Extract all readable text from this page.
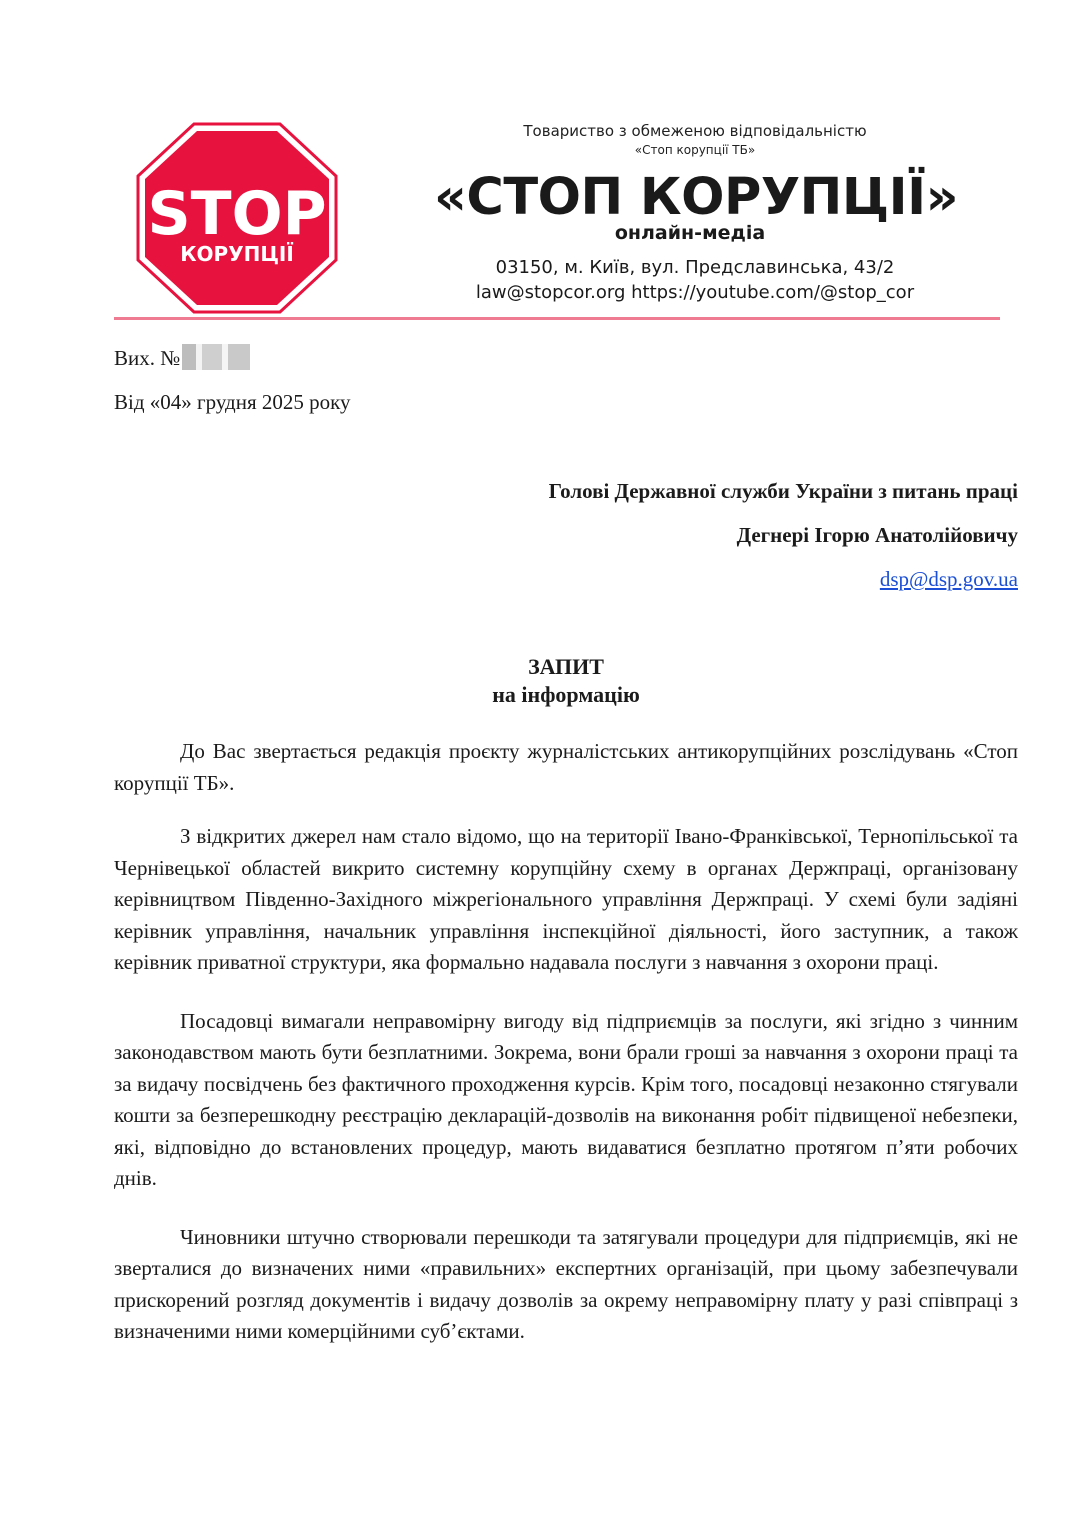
STOP
КОРУПЦІЇ
Товариство з обмеженою відповідальністю
«Стоп корупції ТБ»
«СТОП КОРУПЦІЇ»
онлайн-медіа
03150, м. Київ, вул. Предславинська, 43/2
law@stopcor.org https://youtube.com/@stop_cor
Вих. №
Від «04» грудня 2025 року
Голові Державної служби України з питань праці
Дегнері Ігорю Анатолійовичу
dsp@dsp.gov.ua
ЗАПИТ
на інформацію

До Вас звертається редакція проєкту журналістських антикорупційних розслідувань «Стоп корупції ТБ».

З відкритих джерел нам стало відомо, що на території Івано-Франківської, Тернопільської та Чернівецької областей викрито системну корупційну схему в органах Держпраці, організовану керівництвом Південно-Західного міжрегіонального управління Держпраці. У схемі були задіяні керівник управління, начальник управління інспекційної діяльності, його заступник, а також керівник приватної структури, яка формально надавала послуги з навчання з охорони праці.

Посадовці вимагали неправомірну вигоду від підприємців за послуги, які згідно з чинним законодавством мають бути безплатними. Зокрема, вони брали гроші за навчання з охорони праці та за видачу посвідчень без фактичного проходження курсів. Крім того, посадовці незаконно стягували кошти за безперешкодну реєстрацію декларацій-дозволів на виконання робіт підвищеної небезпеки, які, відповідно до встановлених процедур, мають видаватися безплатно протягом п’яти робочих днів.

Чиновники штучно створювали перешкоди та затягували процедури для підприємців, які не зверталися до визначених ними «правильних» експертних організацій, при цьому забезпечували прискорений розгляд документів і видачу дозволів за окрему неправомірну плату у разі співпраці з визначеними ними комерційними суб’єктами.
